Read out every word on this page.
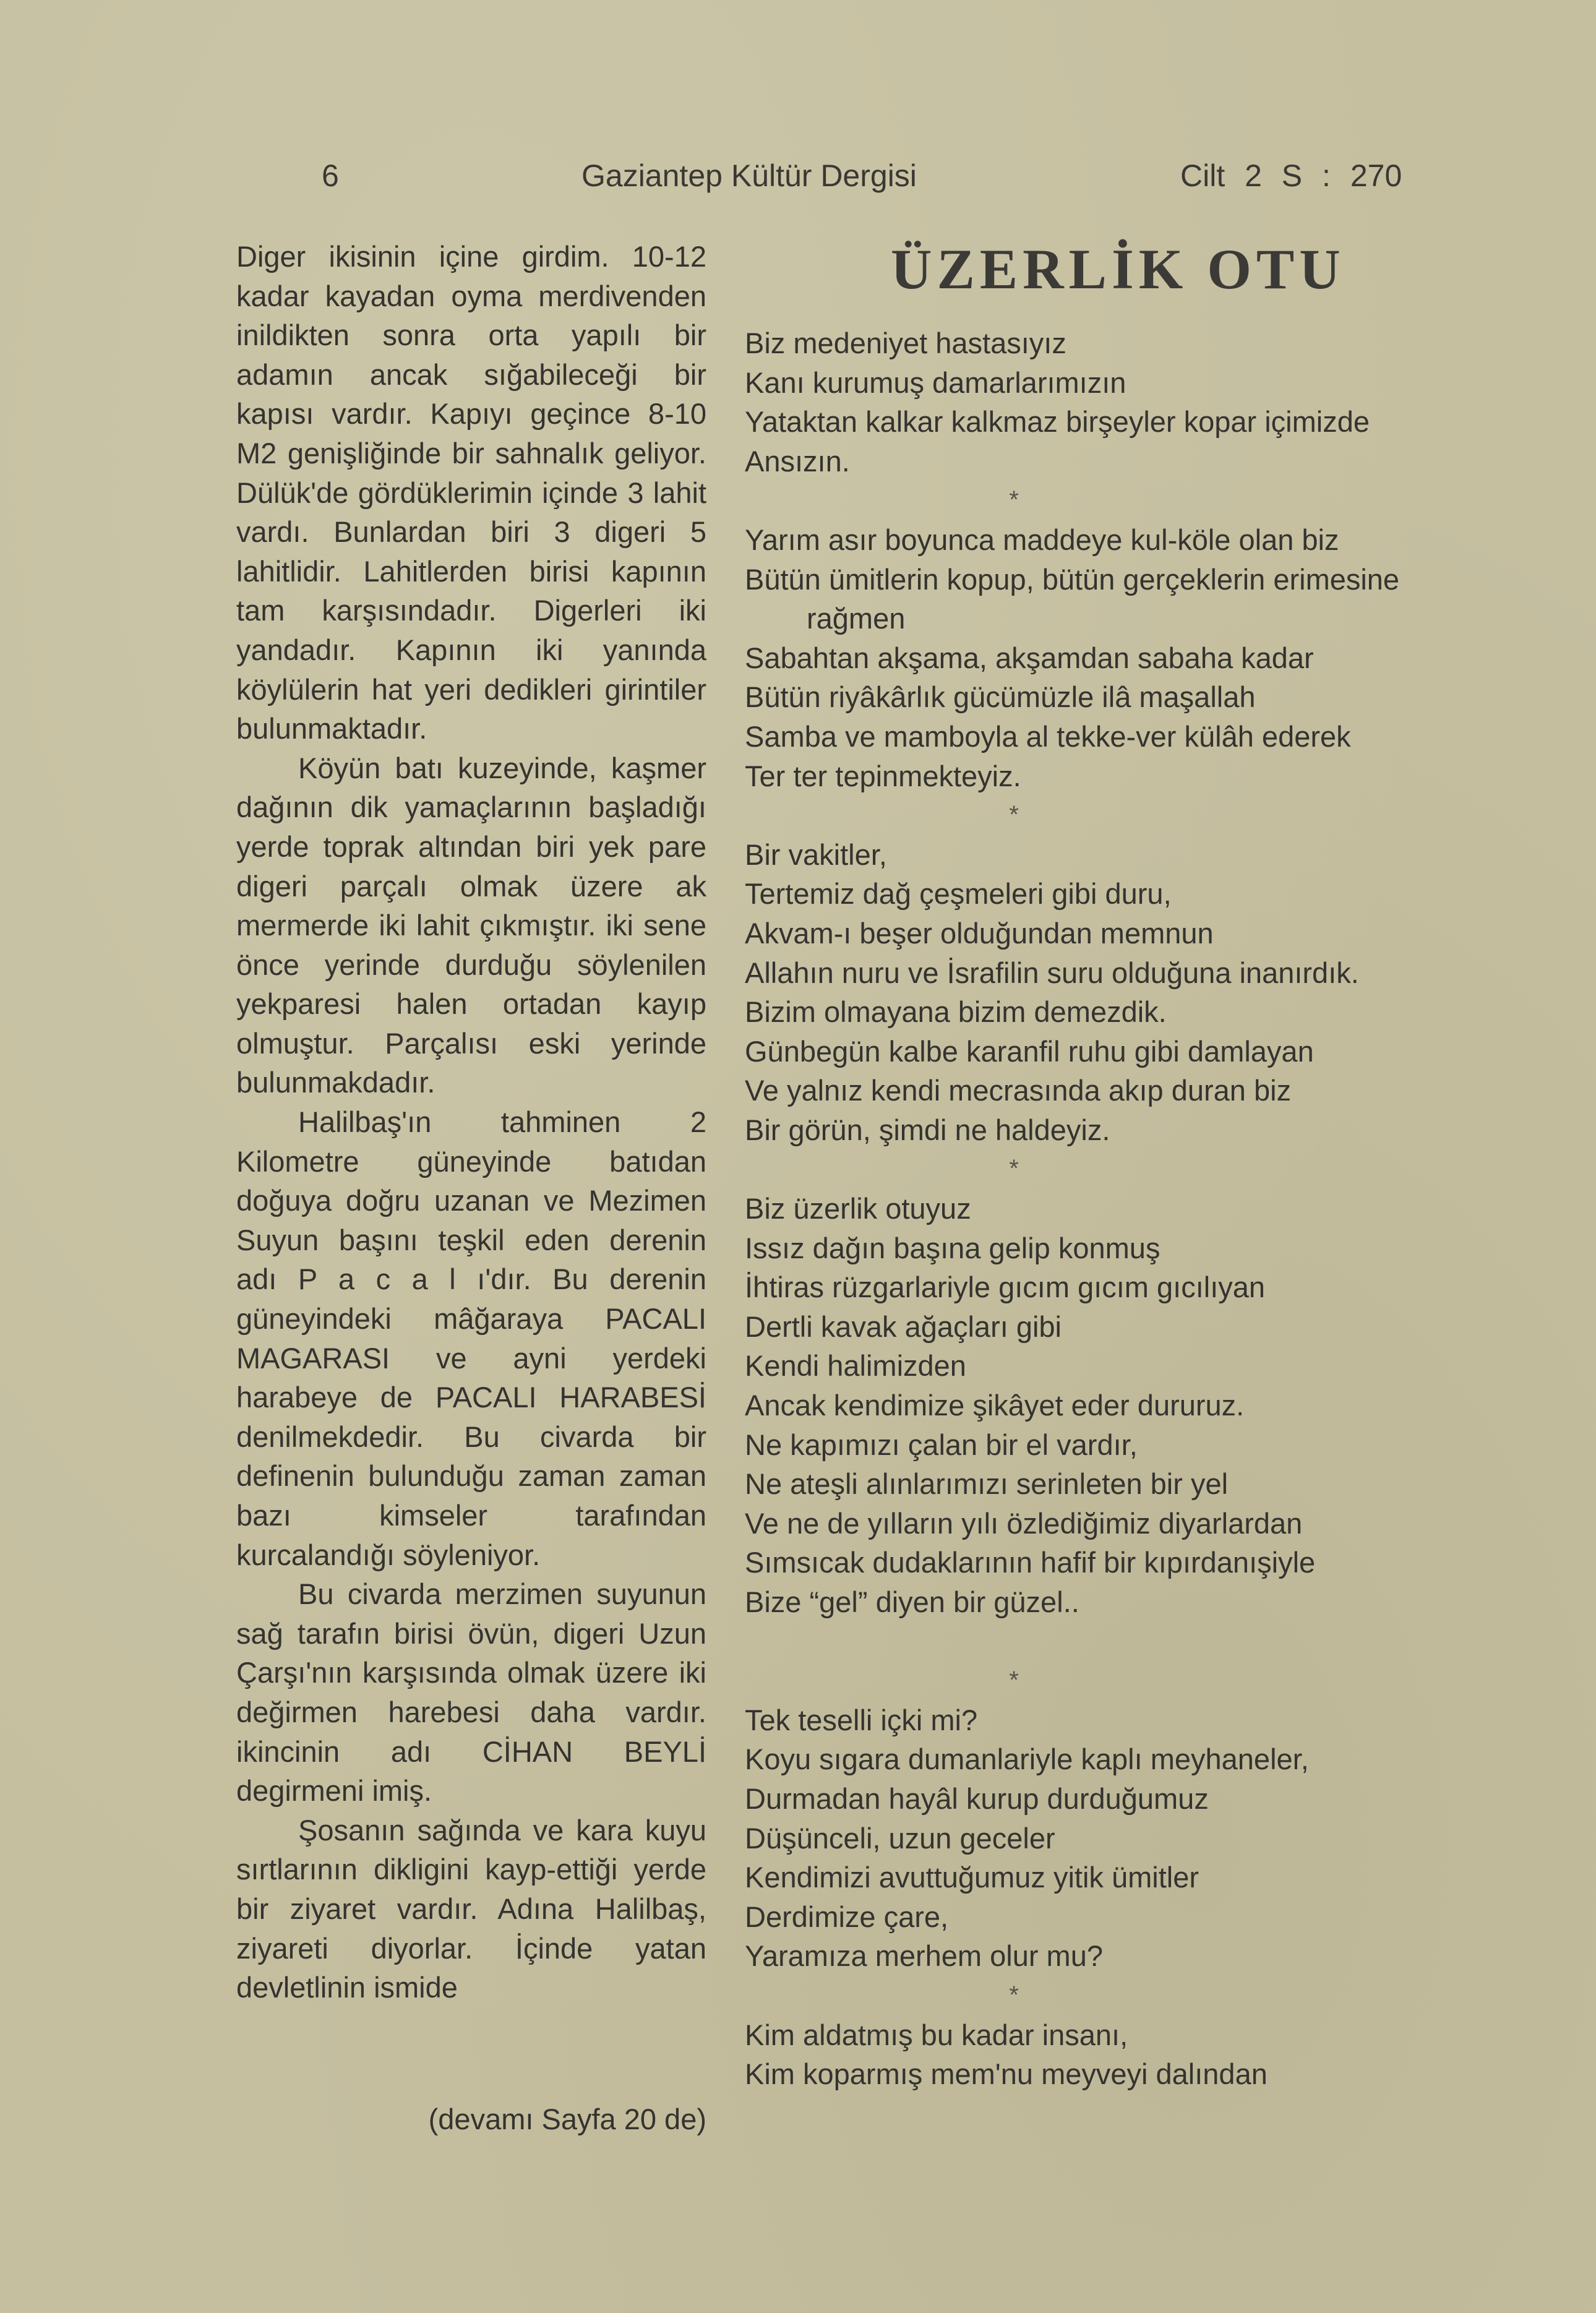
6	Gaziantep Kültür Dergisi	Cilt 2 S : 270

Diger ikisinin içine girdim. 10-12 kadar kayadan oyma merdivenden inildikten sonra orta yapılı bir adamın ancak sığabileceği bir kapısı vardır. Kapıyı geçince 8-10 M2 genişliğinde bir sahnalık geliyor. Dülük'de gördüklerimin içinde 3 lahit vardı. Bunlardan biri 3 digeri 5 lahitlidir. Lahitlerden birisi kapının tam karşısındadır. Digerleri iki yandadır. Kapının iki yanında köylülerin hat yeri dedikleri girintiler bulunmaktadır.

Köyün batı kuzeyinde, kaşmer dağının dik yamaçlarının başladığı yerde toprak altından biri yek pare digeri parçalı olmak üzere ak mermerde iki lahit çıkmıştır. iki sene önce yerinde durduğu söylenilen yekparesi halen ortadan kayıp olmuştur. Parçalısı eski yerinde bulunmakdadır.

Halilbaş'ın tahminen 2 Kilometre güneyinde batıdan doğuya doğru uzanan ve Mezimen Suyun başını teşkil eden derenin adı P a c a l ı'dır. Bu derenin güneyindeki mâğaraya PACALI MAGARASI ve ayni yerdeki harabeye de PACALI HARABESİ denilmekdedir. Bu civarda bir definenin bulunduğu zaman zaman bazı kimseler tarafından kurcalandığı söyleniyor.

Bu civarda merzimen suyunun sağ tarafın birisi övün, digeri Uzun Çarşı'nın karşısında olmak üzere iki değirmen harebesi daha vardır. ikincinin adı CİHAN BEYLİ degirmeni imiş.

Şosanın sağında ve kara kuyu sırtlarının dikligini kayp-ettiği yerde bir ziyaret vardır. Adına Halilbaş, ziyareti diyorlar. İçinde yatan devletlinin ismide

(devamı Sayfa 20 de)
ÜZERLİK OTU
Biz medeniyet hastasıyız
Kanı kurumuş damarlarımızın
Yataktan kalkar kalkmaz birşeyler kopar içimizde
Ansızın.
*
Yarım asır boyunca maddeye kul-köle olan biz
Bütün ümitlerin kopup, bütün gerçeklerin erimesine
rağmen
Sabahtan akşama, akşamdan sabaha kadar
Bütün riyâkârlık gücümüzle ilâ maşallah
Samba ve mamboyla al tekke-ver külâh ederek
Ter ter tepinmekteyiz.
*
Bir vakitler,
Tertemiz dağ çeşmeleri gibi duru,
Akvam-ı beşer olduğundan memnun
Allahın nuru ve İsrafilin suru olduğuna inanırdık.
Bizim olmayana bizim demezdik.
Günbegün kalbe karanfil ruhu gibi damlayan
Ve yalnız kendi mecrasında akıp duran biz
Bir görün, şimdi ne haldeyiz.
*
Biz üzerlik otuyuz
Issız dağın başına gelip konmuş
İhtiras rüzgarlariyle gıcım gıcım gıcılıyan
Dertli kavak ağaçları gibi
Kendi halimizden
Ancak kendimize şikâyet eder dururuz.
Ne kapımızı çalan bir el vardır,
Ne ateşli alınlarımızı serinleten bir yel
Ve ne de yılların yılı özlediğimiz diyarlardan
Sımsıcak dudaklarının hafif bir kıpırdanışiyle
Bize “gel” diyen bir güzel..
*
Tek teselli içki mi?
Koyu sıgara dumanlariyle kaplı meyhaneler,
Durmadan hayâl kurup durduğumuz
Düşünceli, uzun geceler
Kendimizi avuttuğumuz yitik ümitler
Derdimize çare,
Yaramıza merhem olur mu?
*
Kim aldatmış bu kadar insanı,
Kim koparmış mem'nu meyveyi dalından
